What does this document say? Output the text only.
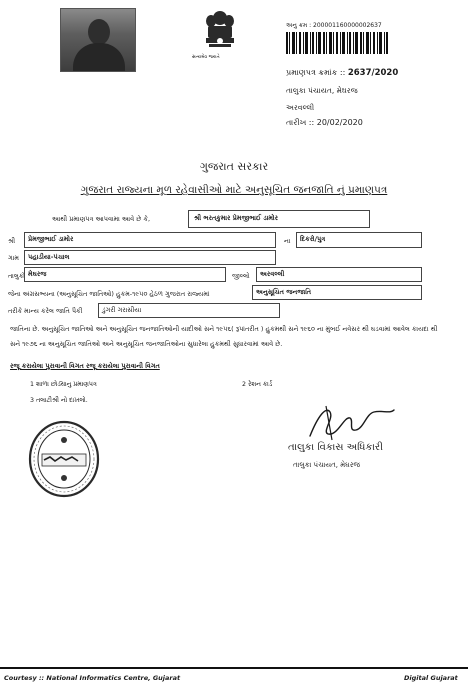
સત્યમેવ જયતે
અનુ ક્રમ : 200001160000002637
પ્રમાણપત્ર ક્રમાંક :: 2637/2020
તાલુકા પંચાયત, મેઘરજ
અરવલ્લી
તારીખ :: 20/02/2020
ગુજરાત સરકાર
ગુજરાત રાજ્યના મૂળ રહેવાસીઓ માટે અનુસૂચિત જનજાતિ નું પ્રમાણપત્ર
આથી પ્રમાણપત્ર આપવામા આવે છે કે,	શ્રી ભરતકુમાર પ્રેમજીભાઈ ડામોર
શ્રી પ્રેમજીભાઈ ડામોર	ના દિકરો/પુત્ર
ગામ પહાડીયા-પંચાલ
તાલુકો મેઘરજ	જીલ્લો અરવલ્લી
જેના અંગ્રસભ્યના (અનુસૂચિત જાતિઓ) હુકમ-૧૯૫૦ હેઠળ ગુજરાત રાજ્યમાં	અનુસૂચિત જનજાતિ
તરીકે માન્ય કરેલ જાતિ પૈકી	ડુંગરી ગરાસીયા
જાતિના છે. અનુસૂચિત જાતિઓ અને અનુસૂચિત જનજાતિઓની યાદીઓ સને ૧૯૫૬( રૂપાંતરીત ) હુકમથી સને ૧૯૬૦ ના મુંબઈ નવેસર થી ઘડવામાં આવેલ કાયદા થી સને ૧૯૭૬ ના અનુસૂચિત જાતિઓ અને અનુસૂચિત જનજાતિઓના સુધારેલા હુકમથી સુધારવામાં આવે છે.
રજૂ કરાયેલા પુરાવાની વિગત રજૂ કરાયેલા પુરાવાની વિગત
1 શાળા છોડ્યાનુ પ્રમાણપત્ર	2 રેશન કાર્ડ
3 તલાટીશ્રી નો દાખલો.
તાલુકા વિકાસ અધિકારી
તાલુકા પંચાયત, મેઘરજ
Courtesy :: National Informatics Centre, Gujarat	Digital Gujarat
